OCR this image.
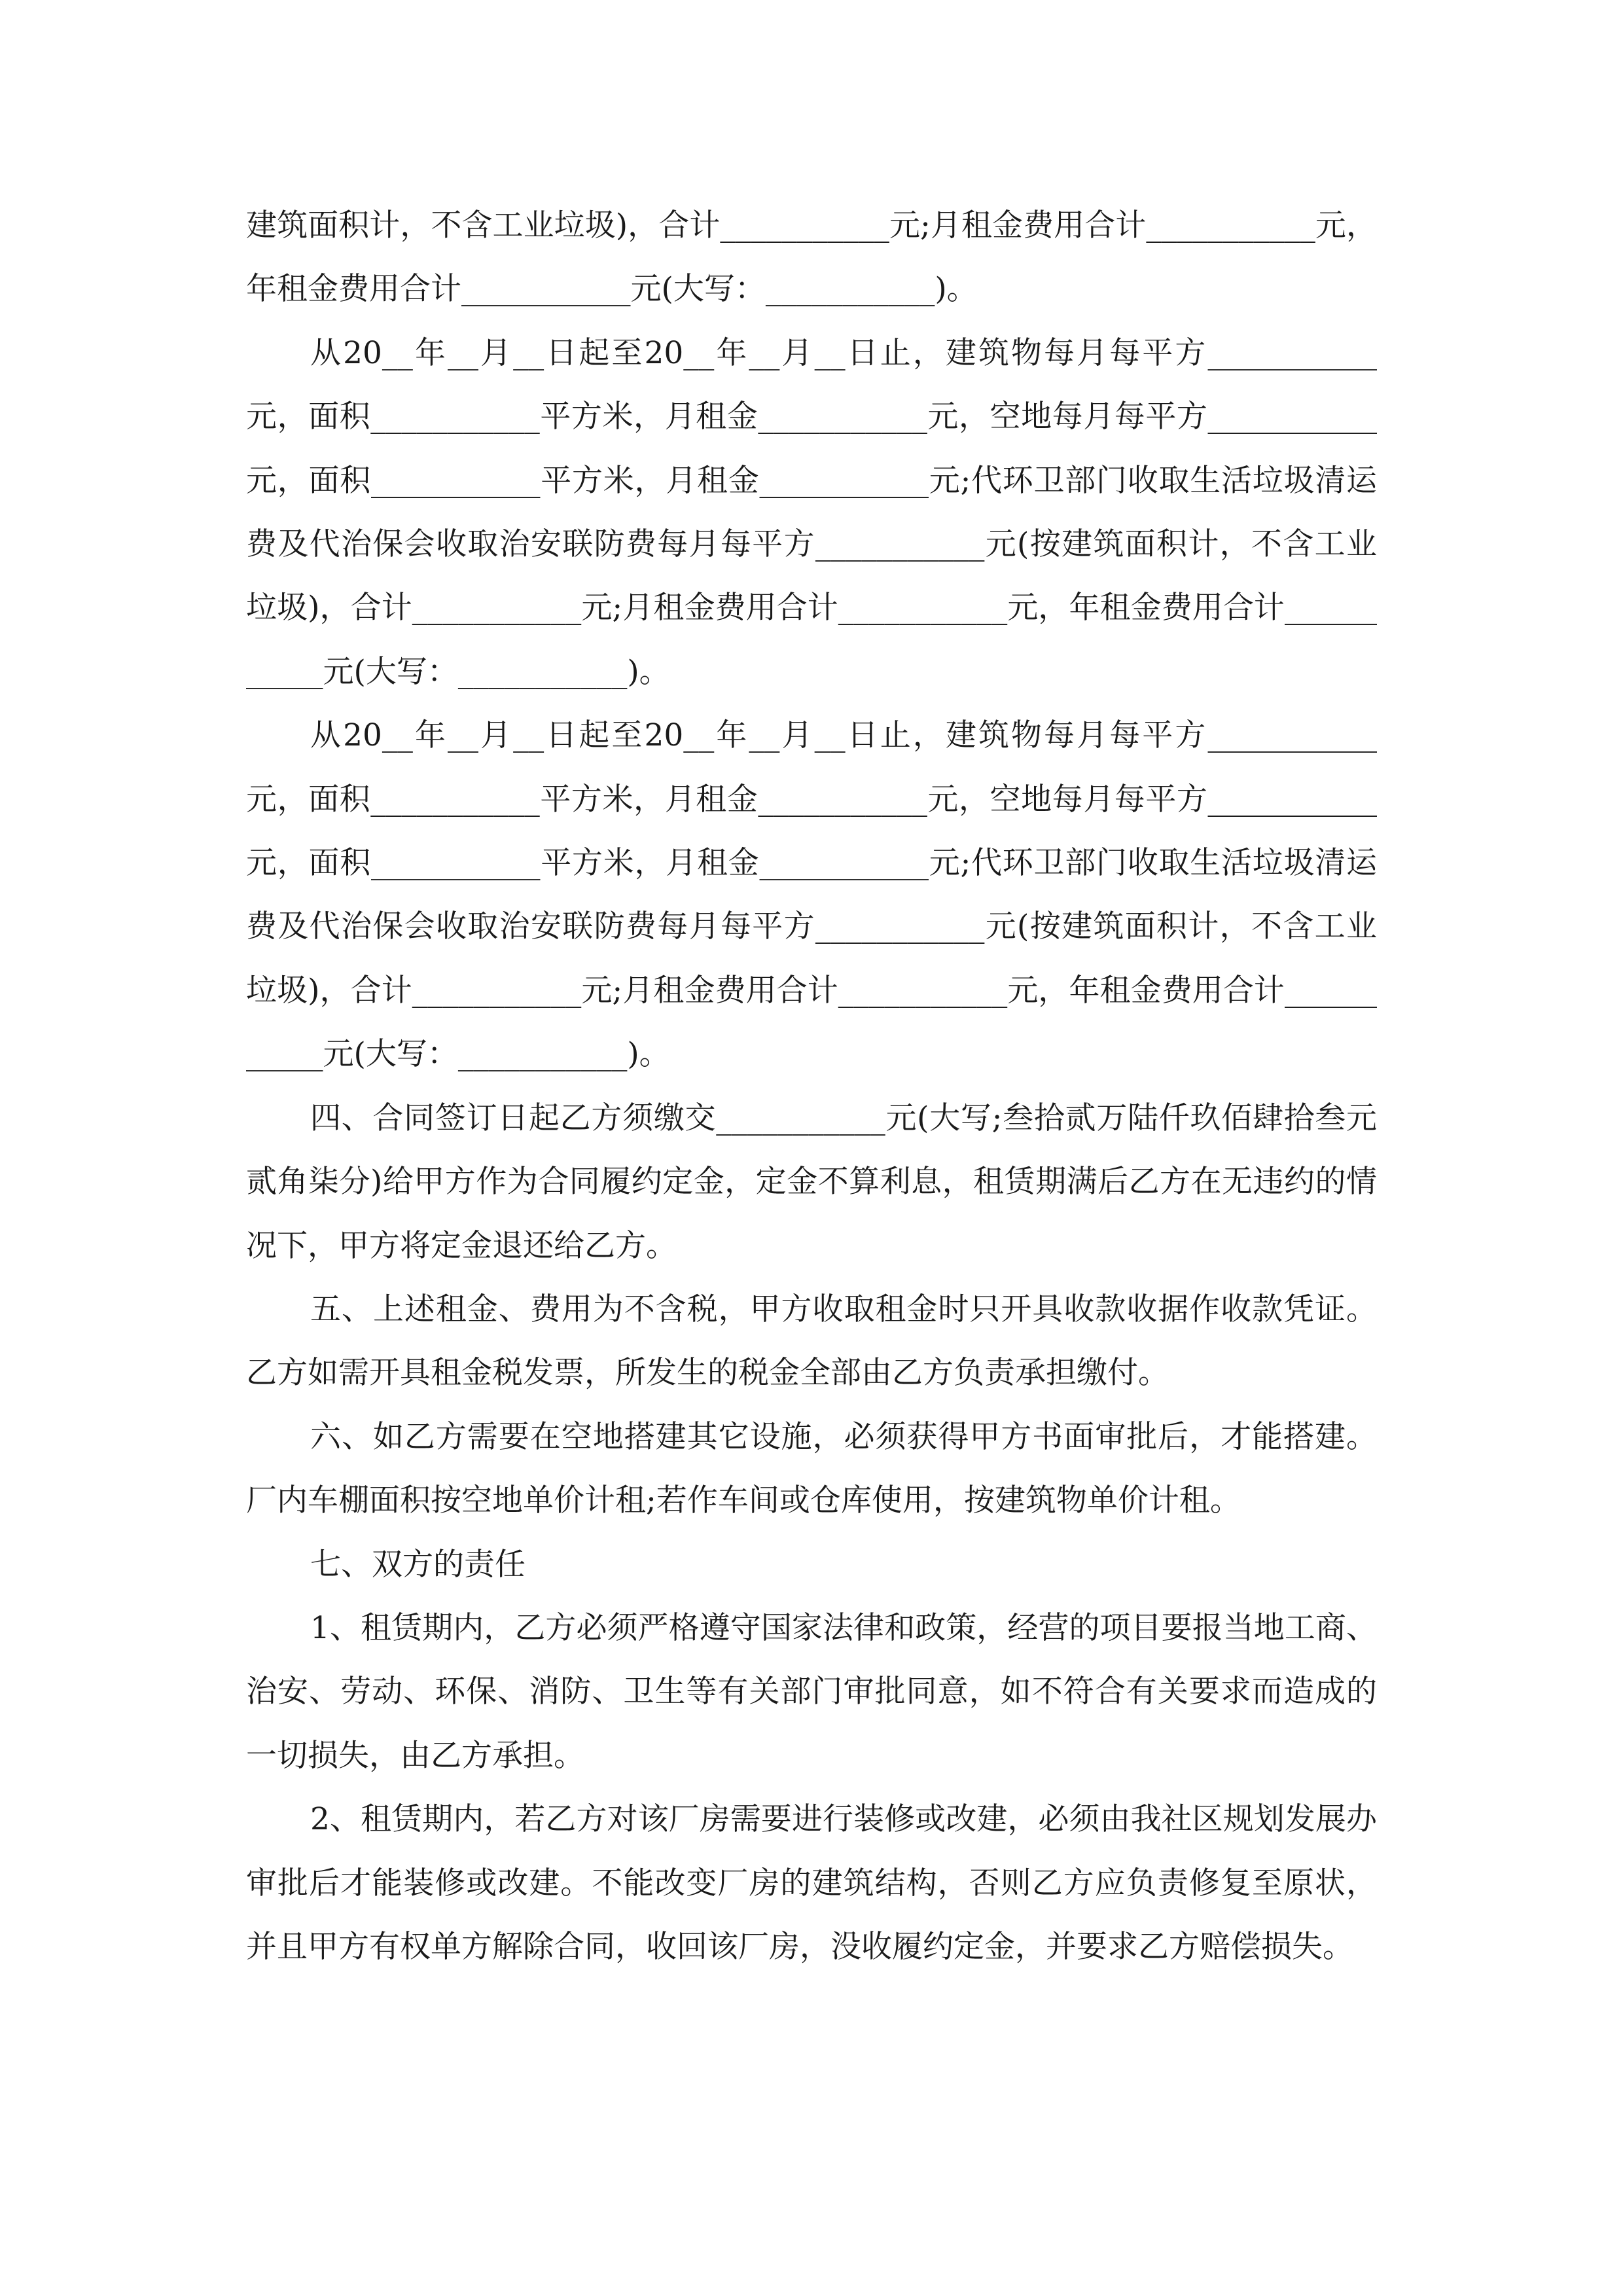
建筑面积计，不含工业垃圾)，合计___________元;月租金费用合计___________元，年租金费用合计___________元(大写：___________)。

从20__年__月__日起至20__年__月__日止，建筑物每月每平方___________元，面积___________平方米，月租金___________元，空地每月每平方___________元，面积___________平方米，月租金___________元;代环卫部门收取生活垃圾清运费及代治保会收取治安联防费每月每平方___________元(按建筑面积计，不含工业垃圾)，合计___________元;月租金费用合计___________元，年租金费用合计___________元(大写：___________)。

从20__年__月__日起至20__年__月__日止，建筑物每月每平方___________元，面积___________平方米，月租金___________元，空地每月每平方___________元，面积___________平方米，月租金___________元;代环卫部门收取生活垃圾清运费及代治保会收取治安联防费每月每平方___________元(按建筑面积计，不含工业垃圾)，合计___________元;月租金费用合计___________元，年租金费用合计___________元(大写：___________)。

四、合同签订日起乙方须缴交___________元(大写;叁拾贰万陆仟玖佰肆拾叁元贰角柒分)给甲方作为合同履约定金，定金不算利息，租赁期满后乙方在无违约的情况下，甲方将定金退还给乙方。

五、上述租金、费用为不含税，甲方收取租金时只开具收款收据作收款凭证。乙方如需开具租金税发票，所发生的税金全部由乙方负责承担缴付。

六、如乙方需要在空地搭建其它设施，必须获得甲方书面审批后，才能搭建。厂内车棚面积按空地单价计租;若作车间或仓库使用，按建筑物单价计租。

七、双方的责任

1、租赁期内，乙方必须严格遵守国家法律和政策，经营的项目要报当地工商、治安、劳动、环保、消防、卫生等有关部门审批同意，如不符合有关要求而造成的一切损失，由乙方承担。

2、租赁期内，若乙方对该厂房需要进行装修或改建，必须由我社区规划发展办审批后才能装修或改建。不能改变厂房的建筑结构，否则乙方应负责修复至原状，并且甲方有权单方解除合同，收回该厂房，没收履约定金，并要求乙方赔偿损失。
